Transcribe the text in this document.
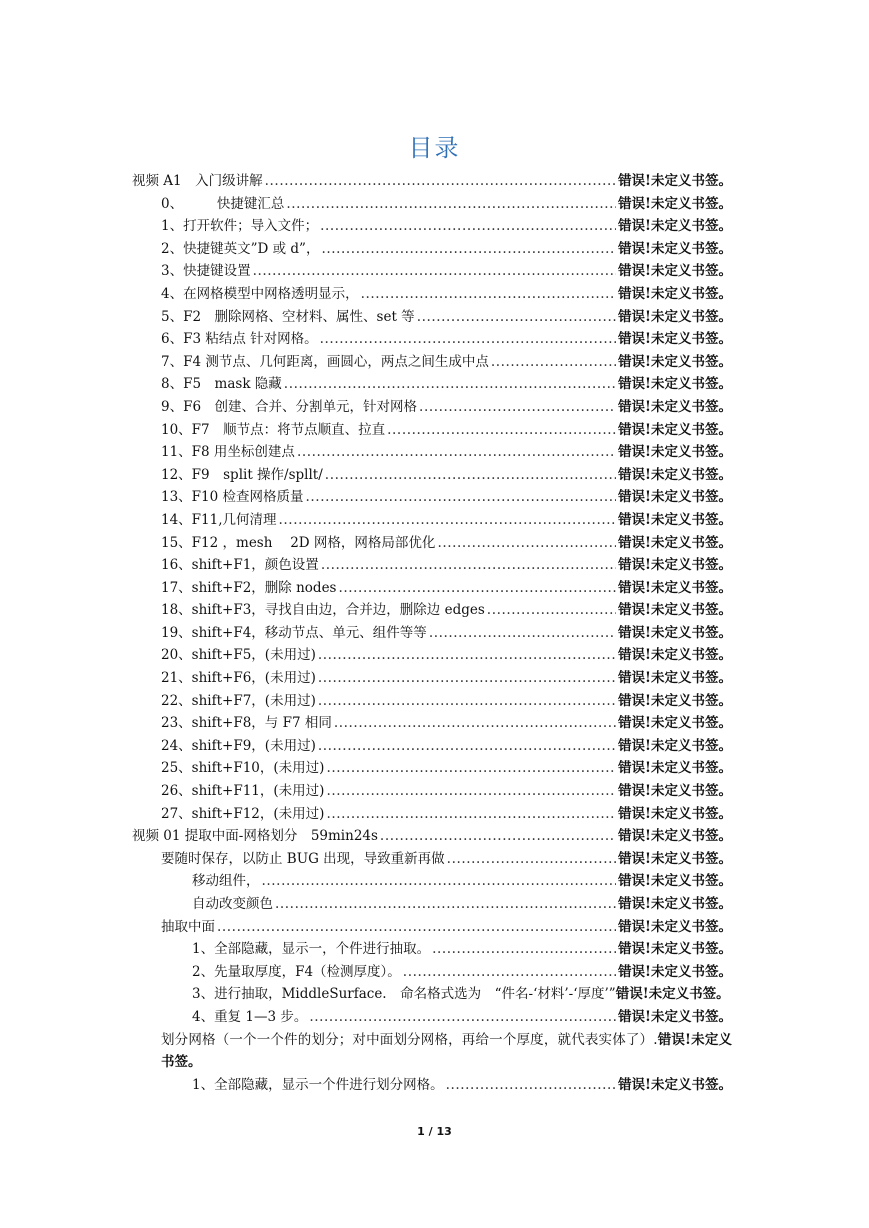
目录
视频 A1　入门级讲解 .....	错误!未定义书签。
0、　　　快捷键汇总 .....	错误!未定义书签。
1、打开软件；导入文件； .....	错误!未定义书签。
2、快捷键英文”D 或 d”， .....	错误!未定义书签。
3、快捷键设置 .....	错误!未定义书签。
4、在网格模型中网格透明显示， .....	错误!未定义书签。
5、F2　删除网格、空材料、属性、set 等 .....	错误!未定义书签。
6、F3 粘结点 针对网格。 .....	错误!未定义书签。
7、F4 测节点、几何距离，画圆心，两点之间生成中点 .....	错误!未定义书签。
8、F5　mask 隐藏 .....	错误!未定义书签。
9、F6　创建、合并、分割单元，针对网格 .....	错误!未定义书签。
10、F7　顺节点：将节点顺直、拉直 .....	错误!未定义书签。
11、F8 用坐标创建点 .....	错误!未定义书签。
12、F9　split 操作/spllt/ .....	错误!未定义书签。
13、F10 检查网格质量 .....	错误!未定义书签。
14、F11,几何清理 .....	错误!未定义书签。
15、F12 ，mesh　 2D 网格，网格局部优化 .....	错误!未定义书签。
16、shift+F1，颜色设置 .....	错误!未定义书签。
17、shift+F2，删除 nodes .....	错误!未定义书签。
18、shift+F3，寻找自由边，合并边，删除边 edges .....	错误!未定义书签。
19、shift+F4，移动节点、单元、组件等等 .....	错误!未定义书签。
20、shift+F5，(未用过) .....	错误!未定义书签。
21、shift+F6，(未用过) .....	错误!未定义书签。
22、shift+F7，(未用过) .....	错误!未定义书签。
23、shift+F8，与 F7 相同 .....	错误!未定义书签。
24、shift+F9，(未用过) .....	错误!未定义书签。
25、shift+F10，(未用过) .....	错误!未定义书签。
26、shift+F11，(未用过) .....	错误!未定义书签。
27、shift+F12，(未用过) .....	错误!未定义书签。
视频 01 提取中面-网格划分　59min24s .....	错误!未定义书签。
要随时保存，以防止 BUG 出现，导致重新再做 .....	错误!未定义书签。
移动组件， .....	错误!未定义书签。
自动改变颜色 .....	错误!未定义书签。
抽取中面 .....	错误!未定义书签。
1、全部隐藏，显示一，个件进行抽取。 .....	错误!未定义书签。
2、先量取厚度，F4（检测厚度）。 .....	错误!未定义书签。
3、进行抽取，MiddleSurface.　命名格式选为　“件名-‘材料’-‘厚度’”错误!未定义书签。
4、重复 1—3 步。 .....	错误!未定义书签。
划分网格（一个一个件的划分；对中面划分网格，再给一个厚度，就代表实体了）.错误!未定义书签。
1、全部隐藏，显示一个件进行划分网格。 .....	错误!未定义书签。
1 / 13
